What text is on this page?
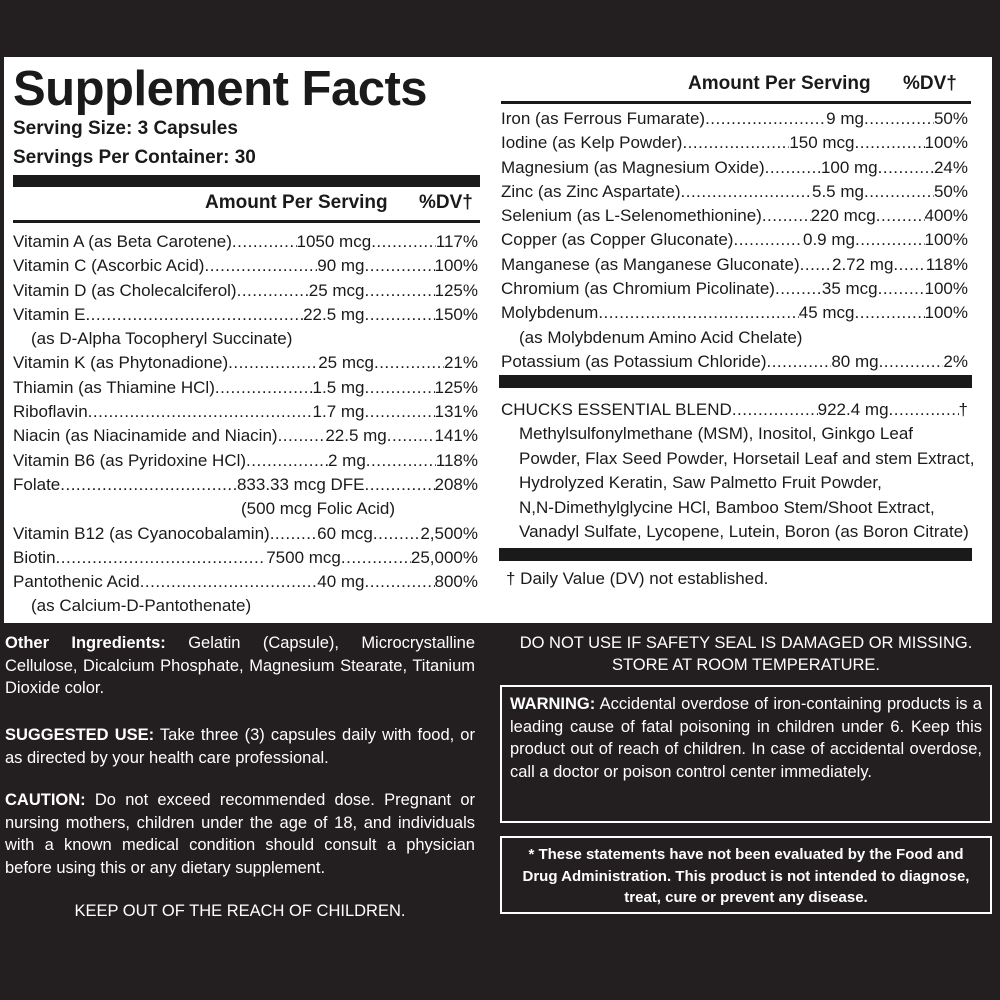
Supplement Facts
Serving Size: 3 Capsules
Servings Per Container: 30
Amount Per Serving %DV†
Vitamin A (as Beta Carotene) .....	1050 mcg .....	117%
Vitamin C (Ascorbic Acid) .....	90 mg .....	100%
Vitamin D (as Cholecalciferol) .....	25 mcg .....	125%
Vitamin E .....	22.5 mg .....	150%
(as D-Alpha Tocopheryl Succinate)
Vitamin K (as Phytonadione) .....	25 mcg .....	21%
Thiamin (as Thiamine HCl) .....	1.5 mg .....	125%
Riboflavin .....	1.7 mg .....	131%
Niacin (as Niacinamide and Niacin) .....	22.5 mg .....	141%
Vitamin B6 (as Pyridoxine HCl) .....	2 mg .....	118%
Folate .....	833.33 mcg DFE .....	208%
(500 mcg Folic Acid)
Vitamin B12 (as Cyanocobalamin) .....	60 mcg .....	2,500%
Biotin .....	7500 mcg .....	25,000%
Pantothenic Acid .....	40 mg .....	800%
(as Calcium-D-Pantothenate)
Amount Per Serving %DV†
Iron (as Ferrous Fumarate) .....	9 mg .....	50%
Iodine (as Kelp Powder) .....	150 mcg .....	100%
Magnesium (as Magnesium Oxide) .....	100 mg .....	24%
Zinc (as Zinc Aspartate) .....	5.5 mg .....	50%
Selenium (as L-Selenomethionine) .....	220 mcg .....	400%
Copper (as Copper Gluconate) .....	0.9 mg .....	100%
Manganese (as Manganese Gluconate) ..... 2.72 mg ..... 118%
Chromium (as Chromium Picolinate) .....	35 mcg .....	100%
Molybdenum .....	45 mcg .....	100%
(as Molybdenum Amino Acid Chelate)
Potassium (as Potassium Chloride) .....	80 mg .....	2%
CHUCKS ESSENTIAL BLEND .....	922.4 mg .....	†
Methylsulfonylmethane (MSM), Inositol, Ginkgo Leaf
Powder, Flax Seed Powder, Horsetail Leaf and stem Extract,
Hydrolyzed Keratin, Saw Palmetto Fruit Powder,
N,N-Dimethylglycine HCl, Bamboo Stem/Shoot Extract,
Vanadyl Sulfate, Lycopene, Lutein, Boron (as Boron Citrate)
† Daily Value (DV) not established.
Other Ingredients: Gelatin (Capsule), Microcrystalline Cellulose, Dicalcium Phosphate, Magnesium Stearate, Titanium Dioxide color.
SUGGESTED USE: Take three (3) capsules daily with food, or as directed by your health care professional.
CAUTION: Do not exceed recommended dose. Pregnant or nursing mothers, children under the age of 18, and individuals with a known medical condition should consult a physician before using this or any dietary supplement.
KEEP OUT OF THE REACH OF CHILDREN.
DO NOT USE IF SAFETY SEAL IS DAMAGED OR MISSING.
STORE AT ROOM TEMPERATURE.
WARNING: Accidental overdose of iron-containing products is a leading cause of fatal poisoning in children under 6. Keep this product out of reach of children. In case of accidental overdose, call a doctor or poison control center immediately.
* These statements have not been evaluated by the Food and Drug Administration. This product is not intended to diagnose, treat, cure or prevent any disease.
